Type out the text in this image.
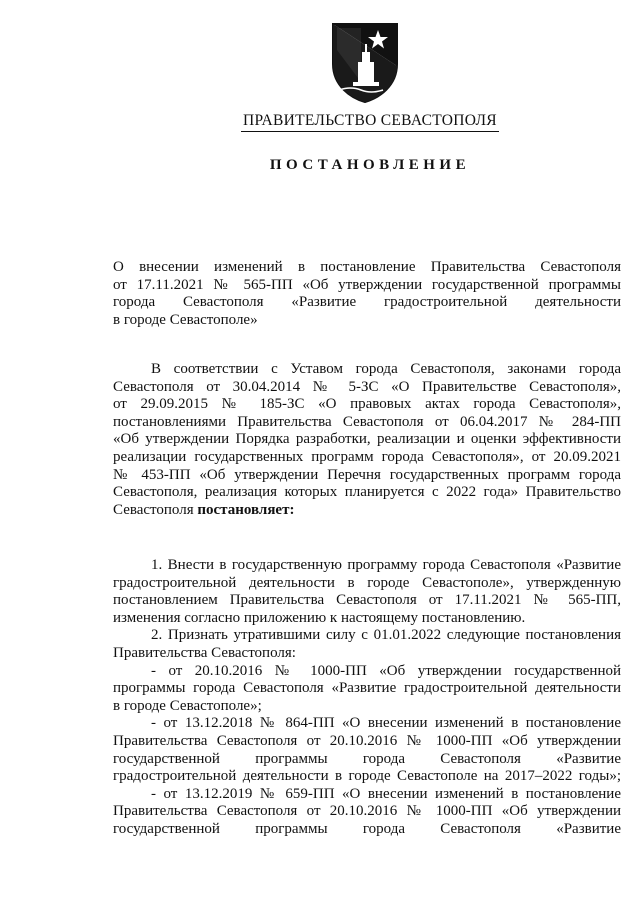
ПРАВИТЕЛЬСТВО СЕВАСТОПОЛЯ
ПОСТАНОВЛЕНИЕ
О внесении изменений в постановление Правительства Севастополя
от 17.11.2021 № 565-ПП «Об утверждении государственной программы
города Севастополя «Развитие градостроительной деятельности
в городе Севастополе»
В соответствии с Уставом города Севастополя, законами города
Севастополя от 30.04.2014 № 5-ЗС «О Правительстве Севастополя»,
от 29.09.2015 № 185-ЗС «О правовых актах города Севастополя»,
постановлениями Правительства Севастополя от 06.04.2017 № 284-ПП
«Об утверждении Порядка разработки, реализации и оценки эффективности
реализации государственных программ города Севастополя», от 20.09.2021
№ 453-ПП «Об утверждении Перечня государственных программ города
Севастополя, реализация которых планируется с 2022 года» Правительство
Севастополя постановляет:
1. Внести в государственную программу города Севастополя «Развитие
градостроительной деятельности в городе Севастополе», утвержденную
постановлением Правительства Севастополя от 17.11.2021 № 565-ПП,
изменения согласно приложению к настоящему постановлению.
2. Признать утратившими силу с 01.01.2022 следующие постановления
Правительства Севастополя:
- от 20.10.2016 № 1000-ПП «Об утверждении государственной
программы города Севастополя «Развитие градостроительной деятельности
в городе Севастополе»;
- от 13.12.2018 № 864-ПП «О внесении изменений в постановление
Правительства Севастополя от 20.10.2016 № 1000-ПП «Об утверждении
государственной программы города Севастополя «Развитие
градостроительной деятельности в городе Севастополе на 2017–2022 годы»;
- от 13.12.2019 № 659-ПП «О внесении изменений в постановление
Правительства Севастополя от 20.10.2016 № 1000-ПП «Об утверждении
государственной программы города Севастополя «Развитие
